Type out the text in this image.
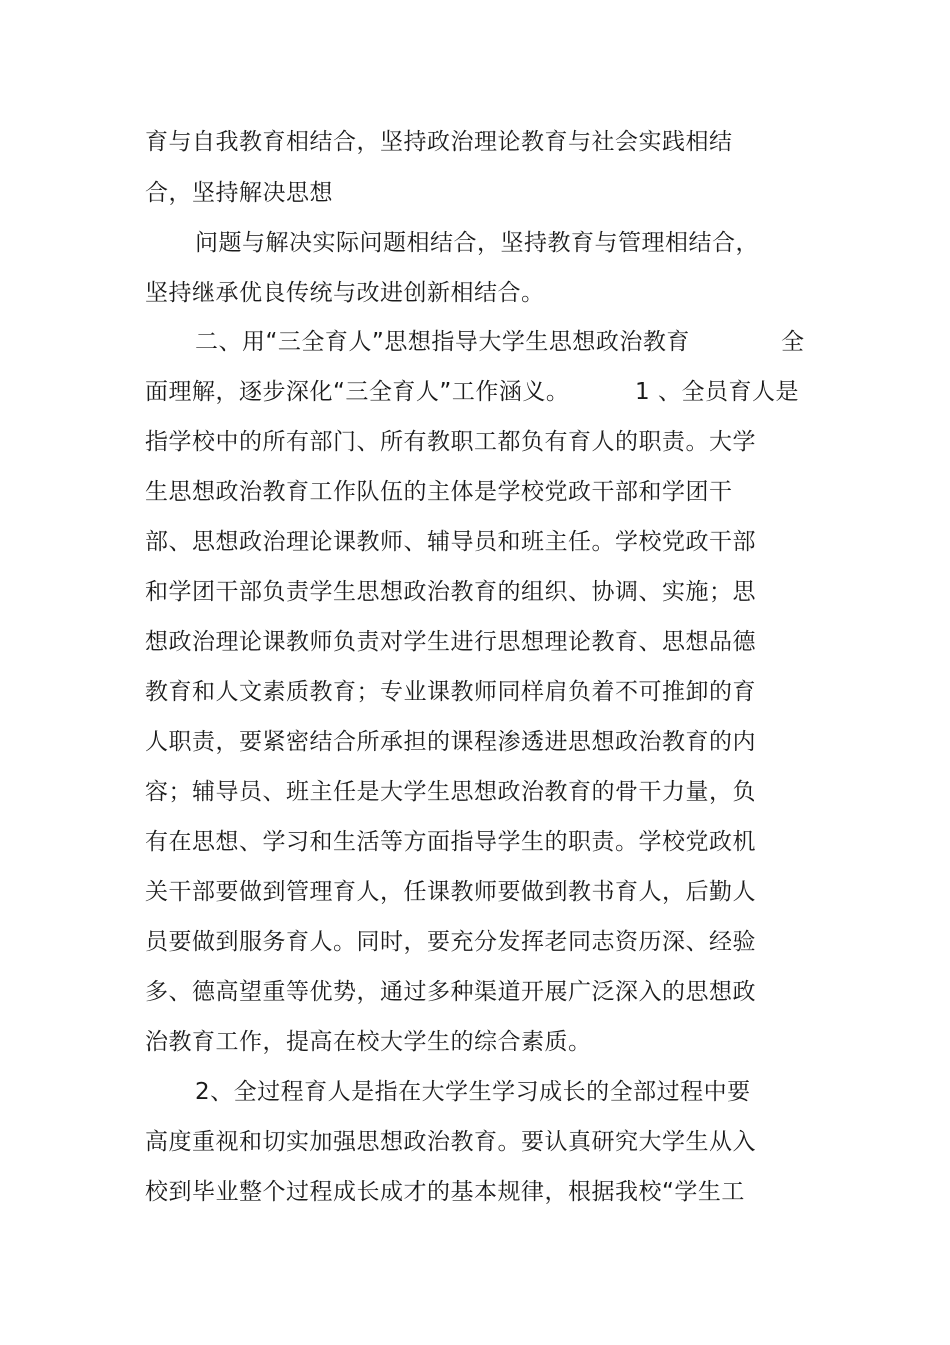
育与自我教育相结合，坚持政治理论教育与社会实践相结
合，坚持解决思想
问题与解决实际问题相结合，坚持教育与管理相结合，
坚持继承优良传统与改进创新相结合。
二、用“三全育人”思想指导大学生思想政治教育	全
面理解，逐步深化“三全育人”工作涵义。	1 、全员育人是
指学校中的所有部门、所有教职工都负有育人的职责。大学
生思想政治教育工作队伍的主体是学校党政干部和学团干
部、思想政治理论课教师、辅导员和班主任。学校党政干部
和学团干部负责学生思想政治教育的组织、协调、实施；思
想政治理论课教师负责对学生进行思想理论教育、思想品德
教育和人文素质教育；专业课教师同样肩负着不可推卸的育
人职责，要紧密结合所承担的课程渗透进思想政治教育的内
容；辅导员、班主任是大学生思想政治教育的骨干力量，负
有在思想、学习和生活等方面指导学生的职责。学校党政机
关干部要做到管理育人，任课教师要做到教书育人，后勤人
员要做到服务育人。同时，要充分发挥老同志资历深、经验
多、德高望重等优势，通过多种渠道开展广泛深入的思想政
治教育工作，提高在校大学生的综合素质。
2、全过程育人是指在大学生学习成长的全部过程中要
高度重视和切实加强思想政治教育。要认真研究大学生从入
校到毕业整个过程成长成才的基本规律，根据我校“学生工
